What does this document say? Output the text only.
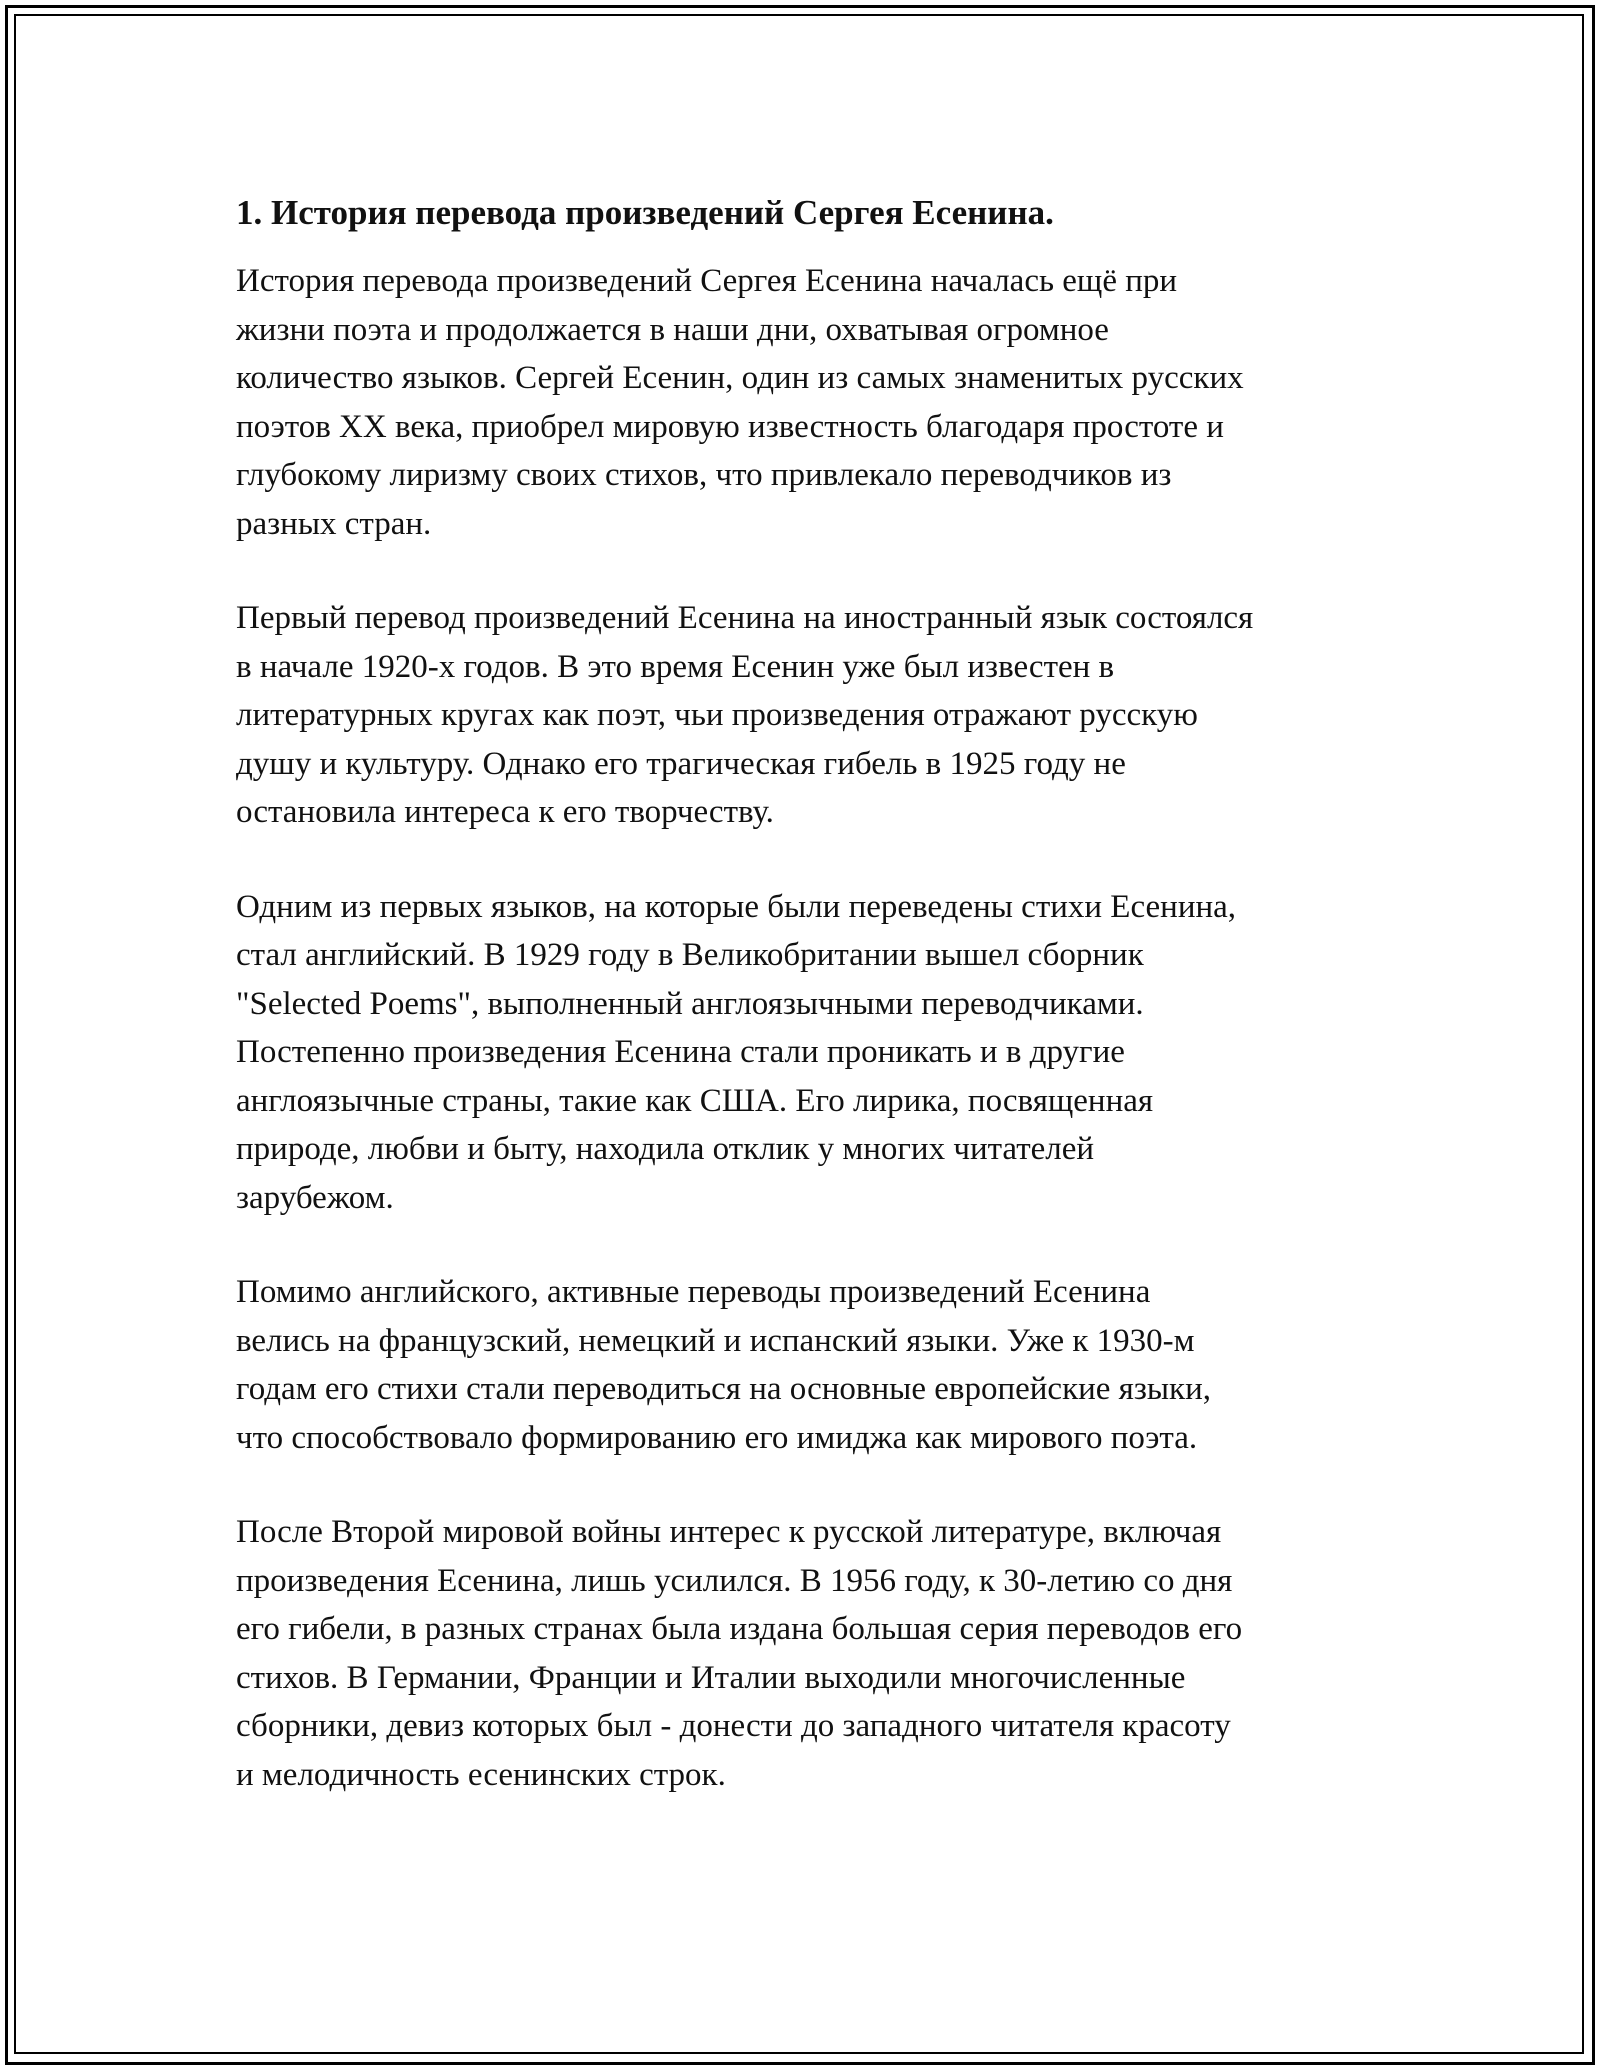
1. История перевода произведений Сергея Есенина.

История перевода произведений Сергея Есенина началась ещё при
жизни поэта и продолжается в наши дни, охватывая огромное
количество языков. Сергей Есенин, один из самых знаменитых русских
поэтов XX века, приобрел мировую известность благодаря простоте и
глубокому лиризму своих стихов, что привлекало переводчиков из
разных стран.

Первый перевод произведений Есенина на иностранный язык состоялся
в начале 1920-х годов. В это время Есенин уже был известен в
литературных кругах как поэт, чьи произведения отражают русскую
душу и культуру. Однако его трагическая гибель в 1925 году не
остановила интереса к его творчеству.

Одним из первых языков, на которые были переведены стихи Есенина,
стал английский. В 1929 году в Великобритании вышел сборник
"Selected Poems", выполненный англоязычными переводчиками.
Постепенно произведения Есенина стали проникать и в другие
англоязычные страны, такие как США. Его лирика, посвященная
природе, любви и быту, находила отклик у многих читателей
зарубежом.

Помимо английского, активные переводы произведений Есенина
велись на французский, немецкий и испанский языки. Уже к 1930-м
годам его стихи стали переводиться на основные европейские языки,
что способствовало формированию его имиджа как мирового поэта.

После Второй мировой войны интерес к русской литературе, включая
произведения Есенина, лишь усилился. В 1956 году, к 30-летию со дня
его гибели, в разных странах была издана большая серия переводов его
стихов. В Германии, Франции и Италии выходили многочисленные
сборники, девиз которых был - донести до западного читателя красоту
и мелодичность есенинских строк.
